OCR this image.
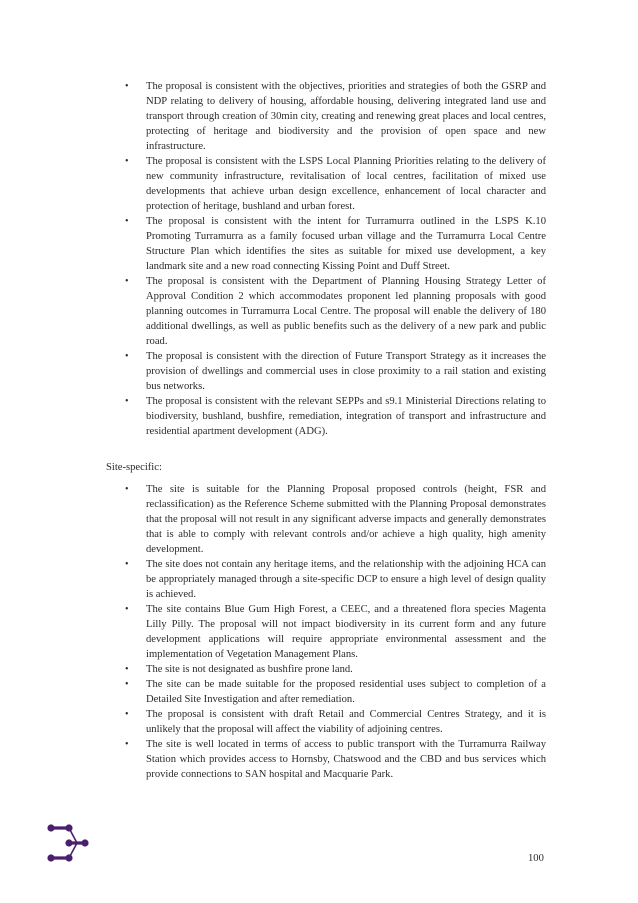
• The proposal is consistent with the objectives, priorities and strategies of both the GSRP and NDP relating to delivery of housing, affordable housing, delivering integrated land use and transport through creation of 30min city, creating and renewing great places and local centres, protecting of heritage and biodiversity and the provision of open space and new infrastructure.
• The proposal is consistent with the LSPS Local Planning Priorities relating to the delivery of new community infrastructure, revitalisation of local centres, facilitation of mixed use developments that achieve urban design excellence, enhancement of local character and protection of heritage, bushland and urban forest.
• The proposal is consistent with the intent for Turramurra outlined in the LSPS K.10 Promoting Turramurra as a family focused urban village and the Turramurra Local Centre Structure Plan which identifies the sites as suitable for mixed use development, a key landmark site and a new road connecting Kissing Point and Duff Street.
• The proposal is consistent with the Department of Planning Housing Strategy Letter of Approval Condition 2 which accommodates proponent led planning proposals with good planning outcomes in Turramurra Local Centre. The proposal will enable the delivery of 180 additional dwellings, as well as public benefits such as the delivery of a new park and public road.
• The proposal is consistent with the direction of Future Transport Strategy as it increases the provision of dwellings and commercial uses in close proximity to a rail station and existing bus networks.
• The proposal is consistent with the relevant SEPPs and s9.1 Ministerial Directions relating to biodiversity, bushland, bushfire, remediation, integration of transport and infrastructure and residential apartment development (ADG).

Site-specific:

• The site is suitable for the Planning Proposal proposed controls (height, FSR and reclassification) as the Reference Scheme submitted with the Planning Proposal demonstrates that the proposal will not result in any significant adverse impacts and generally demonstrates that is able to comply with relevant controls and/or achieve a high quality, high amenity development.
• The site does not contain any heritage items, and the relationship with the adjoining HCA can be appropriately managed through a site-specific DCP to ensure a high level of design quality is achieved.
• The site contains Blue Gum High Forest, a CEEC, and a threatened flora species Magenta Lilly Pilly. The proposal will not impact biodiversity in its current form and any future development applications will require appropriate environmental assessment and the implementation of Vegetation Management Plans.
• The site is not designated as bushfire prone land.
• The site can be made suitable for the proposed residential uses subject to completion of a Detailed Site Investigation and after remediation.
• The proposal is consistent with draft Retail and Commercial Centres Strategy, and it is unlikely that the proposal will affect the viability of adjoining centres.
• The site is well located in terms of access to public transport with the Turramurra Railway Station which provides access to Hornsby, Chatswood and the CBD and bus services which provide connections to SAN hospital and Macquarie Park.
100
